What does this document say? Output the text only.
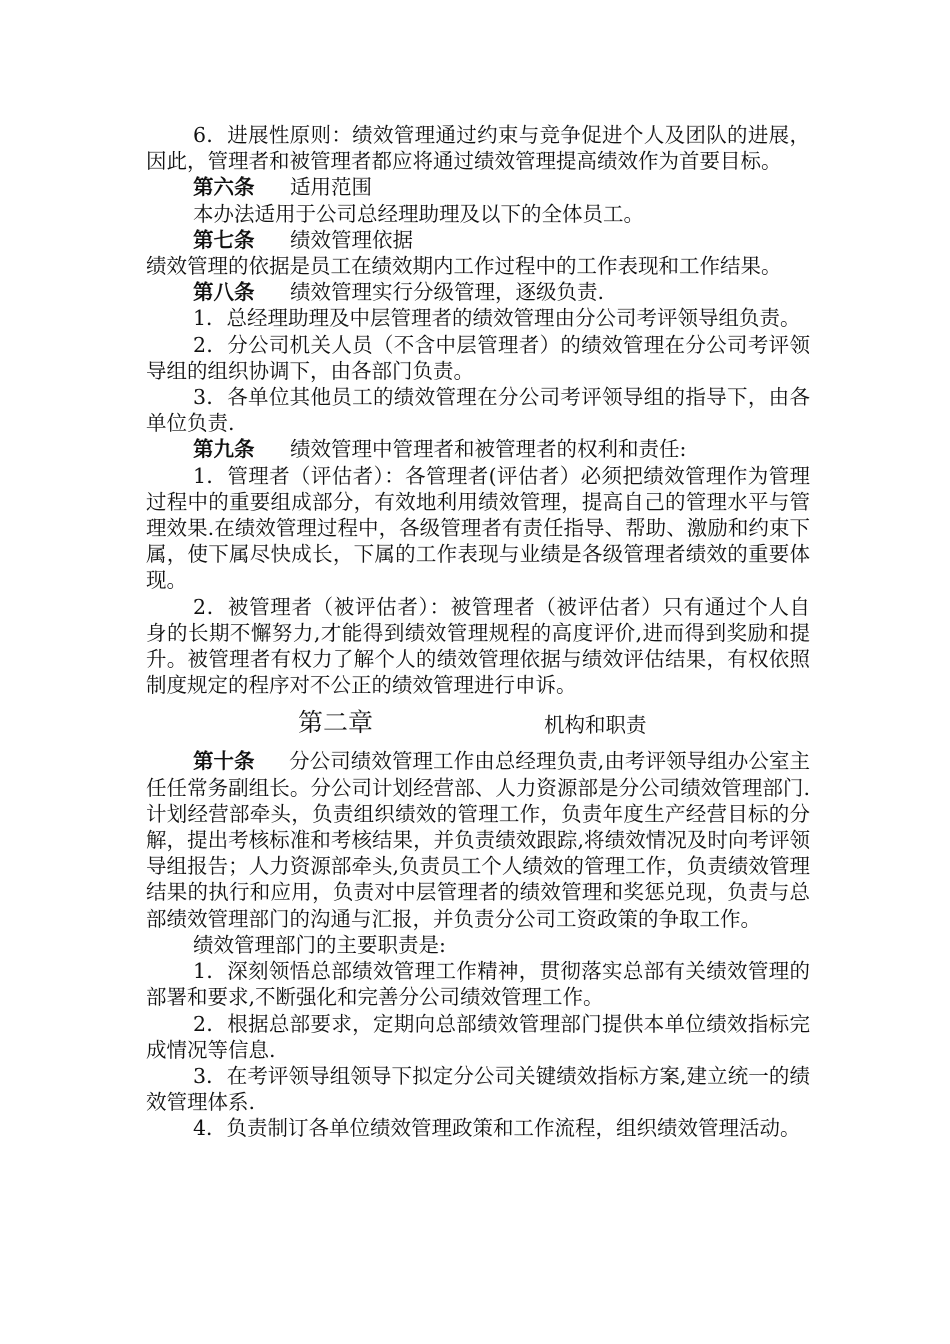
6．进展性原则：绩效管理通过约束与竞争促进个人及团队的进展，因此，管理者和被管理者都应将通过绩效管理提高绩效作为首要目标。

第六条 适用范围

本办法适用于公司总经理助理及以下的全体员工。

第七条 绩效管理依据

绩效管理的依据是员工在绩效期内工作过程中的工作表现和工作结果。

第八条 绩效管理实行分级管理，逐级负责.

1．总经理助理及中层管理者的绩效管理由分公司考评领导组负责。

2．分公司机关人员（不含中层管理者）的绩效管理在分公司考评领导组的组织协调下，由各部门负责。

3．各单位其他员工的绩效管理在分公司考评领导组的指导下，由各单位负责.

第九条 绩效管理中管理者和被管理者的权利和责任:

1．管理者（评估者）：各管理者(评估者）必须把绩效管理作为管理过程中的重要组成部分，有效地利用绩效管理，提高自己的管理水平与管理效果.在绩效管理过程中，各级管理者有责任指导、帮助、激励和约束下属，使下属尽快成长，下属的工作表现与业绩是各级管理者绩效的重要体现。

2．被管理者（被评估者）：被管理者（被评估者）只有通过个人自身的长期不懈努力,才能得到绩效管理规程的高度评价,进而得到奖励和提升。被管理者有权力了解个人的绩效管理依据与绩效评估结果，有权依照制度规定的程序对不公正的绩效管理进行申诉。

第二章	机构和职责

第十条 分公司绩效管理工作由总经理负责,由考评领导组办公室主任任常务副组长。分公司计划经营部、人力资源部是分公司绩效管理部门.计划经营部牵头，负责组织绩效的管理工作，负责年度生产经营目标的分解，提出考核标准和考核结果，并负责绩效跟踪,将绩效情况及时向考评领导组报告；人力资源部牵头,负责员工个人绩效的管理工作，负责绩效管理结果的执行和应用，负责对中层管理者的绩效管理和奖惩兑现，负责与总部绩效管理部门的沟通与汇报，并负责分公司工资政策的争取工作。

绩效管理部门的主要职责是:

1．深刻领悟总部绩效管理工作精神，贯彻落实总部有关绩效管理的部署和要求,不断强化和完善分公司绩效管理工作。

2．根据总部要求，定期向总部绩效管理部门提供本单位绩效指标完成情况等信息.

3．在考评领导组领导下拟定分公司关键绩效指标方案,建立统一的绩效管理体系.

4．负责制订各单位绩效管理政策和工作流程，组织绩效管理活动。
